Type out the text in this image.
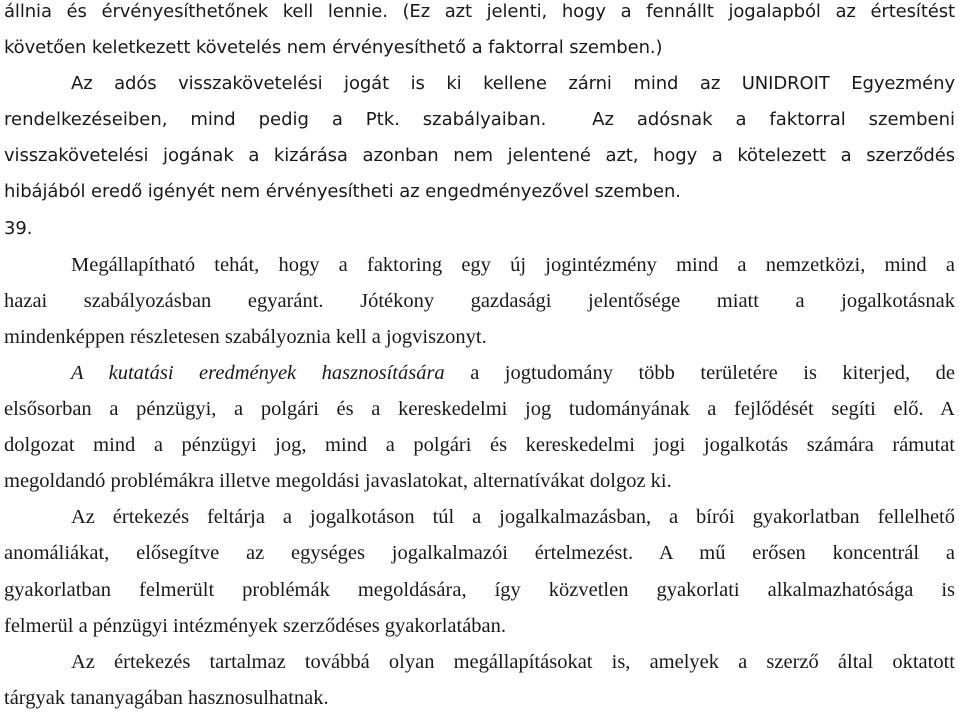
állnia és érvényesíthetőnek kell lennie. (Ez azt jelenti, hogy a fennállt jogalapból az értesítést
követően keletkezett követelés nem érvényesíthető a faktorral szemben.)
Az adós visszakövetelési jogát is ki kellene zárni mind az UNIDROIT Egyezmény
rendelkezéseiben, mind pedig a Ptk. szabályaiban.	Az adósnak a faktorral szembeni
visszakövetelési jogának a kizárása azonban nem jelentené azt, hogy a kötelezett a szerződés
hibájából eredő igényét nem érvényesítheti az engedményezővel szemben.
39.
Megállapítható tehát, hogy a faktoring egy új jogintézmény mind a nemzetközi, mind a
hazai szabályozásban egyaránt. Jótékony gazdasági jelentősége miatt a jogalkotásnak
mindenképpen részletesen szabályoznia kell a jogviszonyt.
A kutatási eredmények hasznosítására a jogtudomány több területére is kiterjed, de
elsősorban a pénzügyi, a polgári és a kereskedelmi jog tudományának a fejlődését segíti elő. A
dolgozat mind a pénzügyi jog, mind a polgári és kereskedelmi jogi jogalkotás számára rámutat
megoldandó problémákra illetve megoldási javaslatokat, alternatívákat dolgoz ki.
Az értekezés feltárja a jogalkotáson túl a jogalkalmazásban, a bírói gyakorlatban fellelhető
anomáliákat, elősegítve az egységes jogalkalmazói értelmezést. A mű erősen koncentrál a
gyakorlatban felmerült problémák megoldására, így közvetlen gyakorlati alkalmazhatósága is
felmerül a pénzügyi intézmények szerződéses gyakorlatában.
Az értekezés tartalmaz továbbá olyan megállapításokat is, amelyek a szerző által oktatott
tárgyak tananyagában hasznosulhatnak.
